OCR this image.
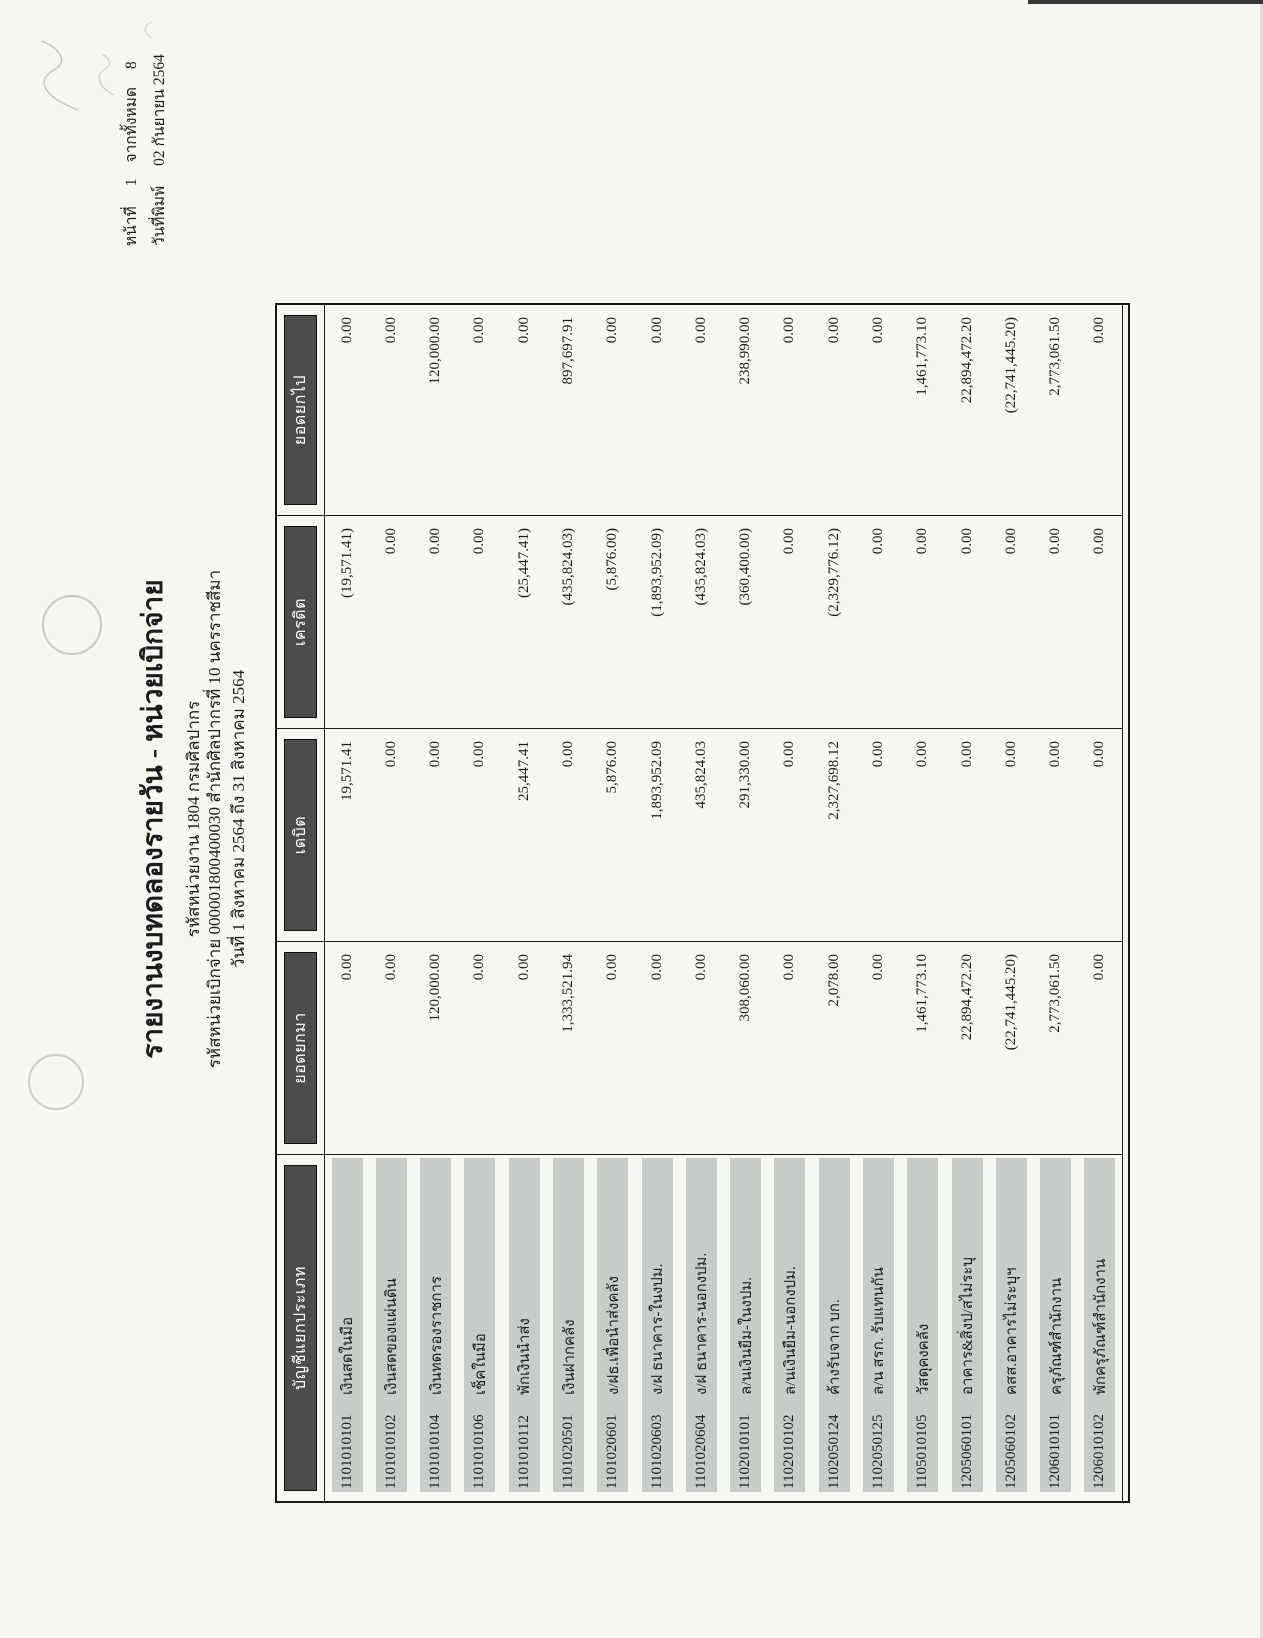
หน้าที่
1
จากทั้งหมด
8
วันที่พิมพ์
02 กันยายน 2564
รายงานงบทดลองรายวัน - หน่วยเบิกจ่าย รหัสหน่วยงาน 1804 กรมศิลปากร รหัสหน่วยเบิกจ่าย 000001800400030 สำนักศิลปากรที่ 10 นครราชสีมา วันที่ 1 สิงหาคม 2564 ถึง 31 สิงหาคม 2564
บัญชีแยกประเภท
ยอดยกมา
เดบิต
เครดิต
ยอดยกไป
1101010101
เงินสดในมือ
0.00
19,571.41
(19,571.41)
0.00
1101010102
เงินสดของแผ่นดิน
0.00
0.00
0.00
0.00
1101010104
เงินทดรองราชการ
120,000.00
0.00
0.00
120,000.00
1101010106
เช็คในมือ
0.00
0.00
0.00
0.00
1101010112
พักเงินนำส่ง
0.00
25,447.41
(25,447.41)
0.00
1101020501
เงินฝากคลัง
1,333,521.94
0.00
(435,824.03)
897,697.91
1101020601
ง/ฝธ.เพื่อนำส่งคลัง
0.00
5,876.00
(5,876.00)
0.00
1101020603
ง/ฝ ธนาคาร-ในงปม.
0.00
1,893,952.09
(1,893,952.09)
0.00
1101020604
ง/ฝ ธนาคาร-นอกงปม.
0.00
435,824.03
(435,824.03)
0.00
1102010101
ล/นเงินยืม-ในงปม.
308,060.00
291,330.00
(360,400.00)
238,990.00
1102010102
ล/นเงินยืม-นอกงปม.
0.00
0.00
0.00
0.00
1102050124
ค้างรับจาก บก.
2,078.00
2,327,698.12
(2,329,776.12)
0.00
1102050125
ล/น สรก. รับแทนกัน
0.00
0.00
0.00
0.00
1105010105
วัสดุคงคลัง
1,461,773.10
0.00
0.00
1,461,773.10
1205060101
อาคาร&สิ่งป/สไม่ระบุ
22,894,472.20
0.00
0.00
22,894,472.20
1205060102
คสส.อาคารไม่ระบุฯ
(22,741,445.20)
0.00
0.00
(22,741,445.20)
1206010101
ครุภัณฑ์สำนักงาน
2,773,061.50
0.00
0.00
2,773,061.50
1206010102
พักครุภัณฑ์สำนักงาน
0.00
0.00
0.00
0.00
